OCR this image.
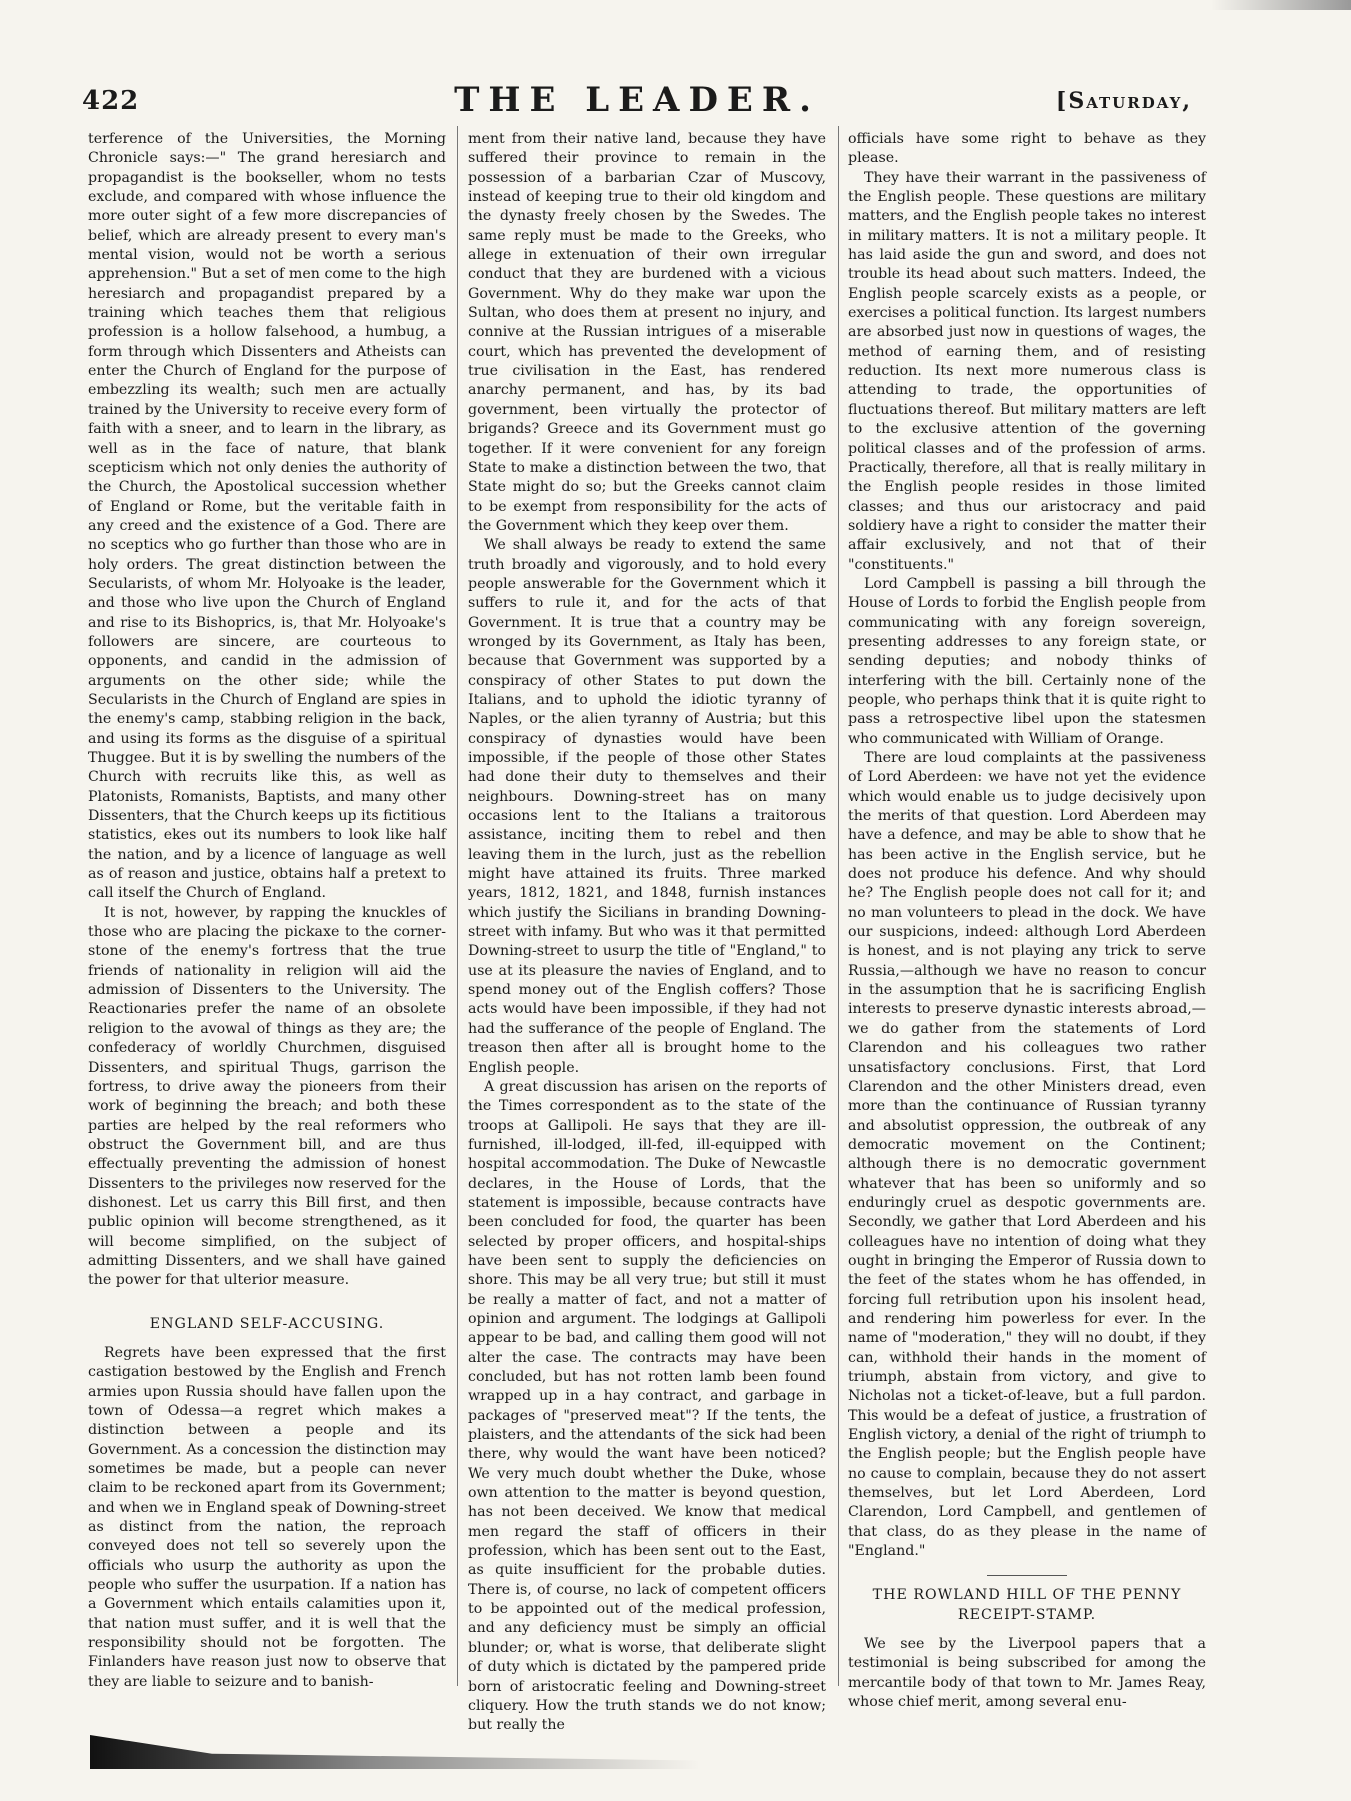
422	THE LEADER.	[Saturday,

terference of the Universities, the Morning Chronicle says:—" The grand heresiarch and propagandist is the bookseller, whom no tests exclude, and compared with whose influence the more outer sight of a few more discrepancies of belief, which are already present to every man's mental vision, would not be worth a serious apprehension." But a set of men come to the high heresiarch and propagandist prepared by a training which teaches them that religious profession is a hollow falsehood, a humbug, a form through which Dissenters and Atheists can enter the Church of England for the purpose of embezzling its wealth; such men are actually trained by the University to receive every form of faith with a sneer, and to learn in the library, as well as in the face of nature, that blank scepticism which not only denies the authority of the Church, the Apostolical succession whether of England or Rome, but the veritable faith in any creed and the existence of a God. There are no sceptics who go further than those who are in holy orders. The great distinction between the Secularists, of whom Mr. Holyoake is the leader, and those who live upon the Church of England and rise to its Bishoprics, is, that Mr. Holyoake's followers are sincere, are courteous to opponents, and candid in the admission of arguments on the other side; while the Secularists in the Church of England are spies in the enemy's camp, stabbing religion in the back, and using its forms as the disguise of a spiritual Thuggee. But it is by swelling the numbers of the Church with recruits like this, as well as Platonists, Romanists, Baptists, and many other Dissenters, that the Church keeps up its fictitious statistics, ekes out its numbers to look like half the nation, and by a licence of language as well as of reason and justice, obtains half a pretext to call itself the Church of England.

It is not, however, by rapping the knuckles of those who are placing the pickaxe to the corner-stone of the enemy's fortress that the true friends of nationality in religion will aid the admission of Dissenters to the University. The Reactionaries prefer the name of an obsolete religion to the avowal of things as they are; the confederacy of worldly Churchmen, disguised Dissenters, and spiritual Thugs, garrison the fortress, to drive away the pioneers from their work of beginning the breach; and both these parties are helped by the real reformers who obstruct the Government bill, and are thus effectually preventing the admission of honest Dissenters to the privileges now reserved for the dishonest. Let us carry this Bill first, and then public opinion will become strengthened, as it will become simplified, on the subject of admitting Dissenters, and we shall have gained the power for that ulterior measure.

ENGLAND SELF-ACCUSING.

Regrets have been expressed that the first castigation bestowed by the English and French armies upon Russia should have fallen upon the town of Odessa—a regret which makes a distinction between a people and its Government. As a concession the distinction may sometimes be made, but a people can never claim to be reckoned apart from its Government; and when we in England speak of Downing-street as distinct from the nation, the reproach conveyed does not tell so severely upon the officials who usurp the authority as upon the people who suffer the usurpation. If a nation has a Government which entails calamities upon it, that nation must suffer, and it is well that the responsibility should not be forgotten. The Finlanders have reason just now to observe that they are liable to seizure and to banish-

ment from their native land, because they have suffered their province to remain in the possession of a barbarian Czar of Muscovy, instead of keeping true to their old kingdom and the dynasty freely chosen by the Swedes. The same reply must be made to the Greeks, who allege in extenuation of their own irregular conduct that they are burdened with a vicious Government. Why do they make war upon the Sultan, who does them at present no injury, and connive at the Russian intrigues of a miserable court, which has prevented the development of true civilisation in the East, has rendered anarchy permanent, and has, by its bad government, been virtually the protector of brigands? Greece and its Government must go together. If it were convenient for any foreign State to make a distinction between the two, that State might do so; but the Greeks cannot claim to be exempt from responsibility for the acts of the Government which they keep over them.

We shall always be ready to extend the same truth broadly and vigorously, and to hold every people answerable for the Government which it suffers to rule it, and for the acts of that Government. It is true that a country may be wronged by its Government, as Italy has been, because that Government was supported by a conspiracy of other States to put down the Italians, and to uphold the idiotic tyranny of Naples, or the alien tyranny of Austria; but this conspiracy of dynasties would have been impossible, if the people of those other States had done their duty to themselves and their neighbours. Downing-street has on many occasions lent to the Italians a traitorous assistance, inciting them to rebel and then leaving them in the lurch, just as the rebellion might have attained its fruits. Three marked years, 1812, 1821, and 1848, furnish instances which justify the Sicilians in branding Downing-street with infamy. But who was it that permitted Downing-street to usurp the title of "England," to use at its pleasure the navies of England, and to spend money out of the English coffers? Those acts would have been impossible, if they had not had the sufferance of the people of England. The treason then after all is brought home to the English people.

A great discussion has arisen on the reports of the Times correspondent as to the state of the troops at Gallipoli. He says that they are ill-furnished, ill-lodged, ill-fed, ill-equipped with hospital accommodation. The Duke of Newcastle declares, in the House of Lords, that the statement is impossible, because contracts have been concluded for food, the quarter has been selected by proper officers, and hospital-ships have been sent to supply the deficiencies on shore. This may be all very true; but still it must be really a matter of fact, and not a matter of opinion and argument. The lodgings at Gallipoli appear to be bad, and calling them good will not alter the case. The contracts may have been concluded, but has not rotten lamb been found wrapped up in a hay contract, and garbage in packages of "preserved meat"? If the tents, the plaisters, and the attendants of the sick had been there, why would the want have been noticed? We very much doubt whether the Duke, whose own attention to the matter is beyond question, has not been deceived. We know that medical men regard the staff of officers in their profession, which has been sent out to the East, as quite insufficient for the probable duties. There is, of course, no lack of competent officers to be appointed out of the medical profession, and any deficiency must be simply an official blunder; or, what is worse, that deliberate slight of duty which is dictated by the pampered pride born of aristocratic feeling and Downing-street cliquery. How the truth stands we do not know; but really the

officials have some right to behave as they please.

They have their warrant in the passiveness of the English people. These questions are military matters, and the English people takes no interest in military matters. It is not a military people. It has laid aside the gun and sword, and does not trouble its head about such matters. Indeed, the English people scarcely exists as a people, or exercises a political function. Its largest numbers are absorbed just now in questions of wages, the method of earning them, and of resisting reduction. Its next more numerous class is attending to trade, the opportunities of fluctuations thereof. But military matters are left to the exclusive attention of the governing political classes and of the profession of arms. Practically, therefore, all that is really military in the English people resides in those limited classes; and thus our aristocracy and paid soldiery have a right to consider the matter their affair exclusively, and not that of their "constituents."

Lord Campbell is passing a bill through the House of Lords to forbid the English people from communicating with any foreign sovereign, presenting addresses to any foreign state, or sending deputies; and nobody thinks of interfering with the bill. Certainly none of the people, who perhaps think that it is quite right to pass a retrospective libel upon the statesmen who communicated with William of Orange.

There are loud complaints at the passiveness of Lord Aberdeen: we have not yet the evidence which would enable us to judge decisively upon the merits of that question. Lord Aberdeen may have a defence, and may be able to show that he has been active in the English service, but he does not produce his defence. And why should he? The English people does not call for it; and no man volunteers to plead in the dock. We have our suspicions, indeed: although Lord Aberdeen is honest, and is not playing any trick to serve Russia,—although we have no reason to concur in the assumption that he is sacrificing English interests to preserve dynastic interests abroad,—we do gather from the statements of Lord Clarendon and his colleagues two rather unsatisfactory conclusions. First, that Lord Clarendon and the other Ministers dread, even more than the continuance of Russian tyranny and absolutist oppression, the outbreak of any democratic movement on the Continent; although there is no democratic government whatever that has been so uniformly and so enduringly cruel as despotic governments are. Secondly, we gather that Lord Aberdeen and his colleagues have no intention of doing what they ought in bringing the Emperor of Russia down to the feet of the states whom he has offended, in forcing full retribution upon his insolent head, and rendering him powerless for ever. In the name of "moderation," they will no doubt, if they can, withhold their hands in the moment of triumph, abstain from victory, and give to Nicholas not a ticket-of-leave, but a full pardon. This would be a defeat of justice, a frustration of English victory, a denial of the right of triumph to the English people; but the English people have no cause to complain, because they do not assert themselves, but let Lord Aberdeen, Lord Clarendon, Lord Campbell, and gentlemen of that class, do as they please in the name of "England."

THE ROWLAND HILL OF THE PENNY

RECEIPT-STAMP.

We see by the Liverpool papers that a testimonial is being subscribed for among the mercantile body of that town to Mr. James Reay, whose chief merit, among several enu-
